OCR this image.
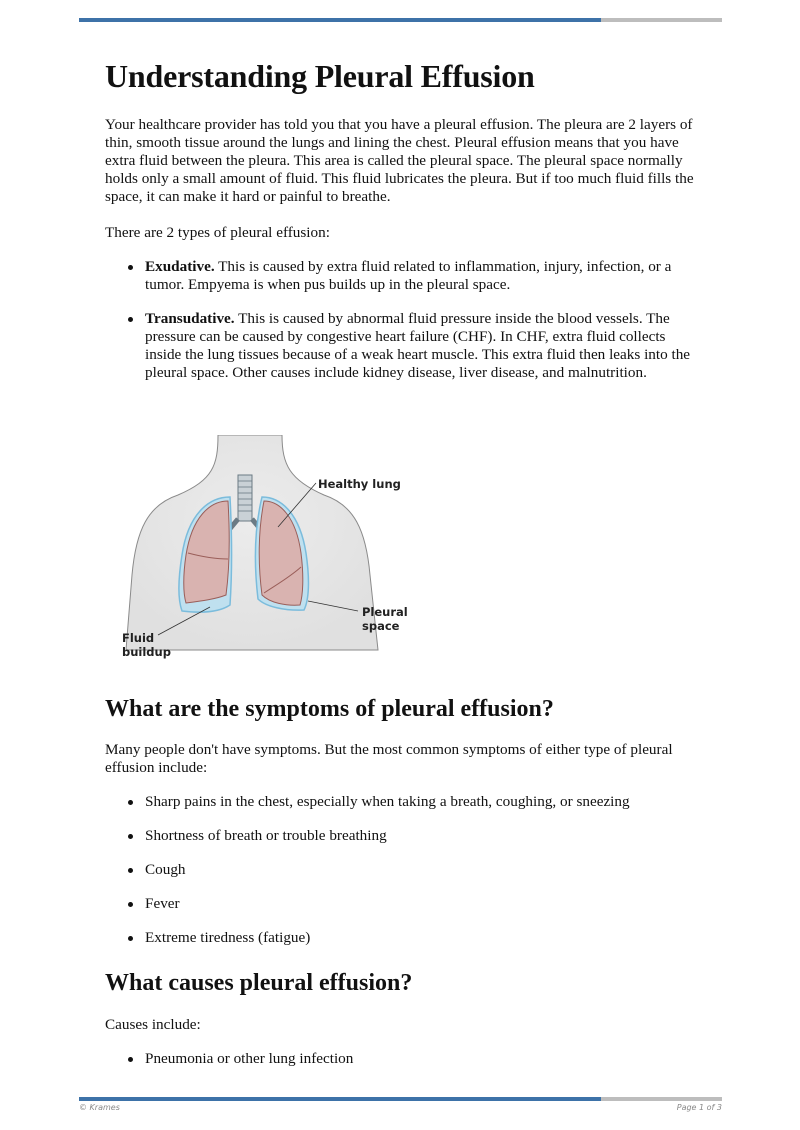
Understanding Pleural Effusion

Your healthcare provider has told you that you have a pleural effusion. The pleura are 2 layers of thin, smooth tissue around the lungs and lining the chest. Pleural effusion means that you have extra fluid between the pleura. This area is called the pleural space. The pleural space normally holds only a small amount of fluid. This fluid lubricates the pleura. But if too much fluid fills the space, it can make it hard or painful to breathe.

There are 2 types of pleural effusion:

Exudative. This is caused by extra fluid related to inflammation, injury, infection, or a tumor. Empyema is when pus builds up in the pleural space.
Transudative. This is caused by abnormal fluid pressure inside the blood vessels. The pressure can be caused by congestive heart failure (CHF). In CHF, extra fluid collects inside the lung tissues because of a weak heart muscle. This extra fluid then leaks into the pleural space. Other causes include kidney disease, liver disease, and malnutrition.
Healthy lung
Pleural
space
Fluid
buildup
What are the symptoms of pleural effusion?

Many people don't have symptoms. But the most common symptoms of either type of pleural effusion include:

Sharp pains in the chest, especially when taking a breath, coughing, or sneezing
Shortness of breath or trouble breathing
Cough
Fever
Extreme tiredness (fatigue)
What causes pleural effusion?

Causes include:

Pneumonia or other lung infection
© Krames	Page 1 of 3
